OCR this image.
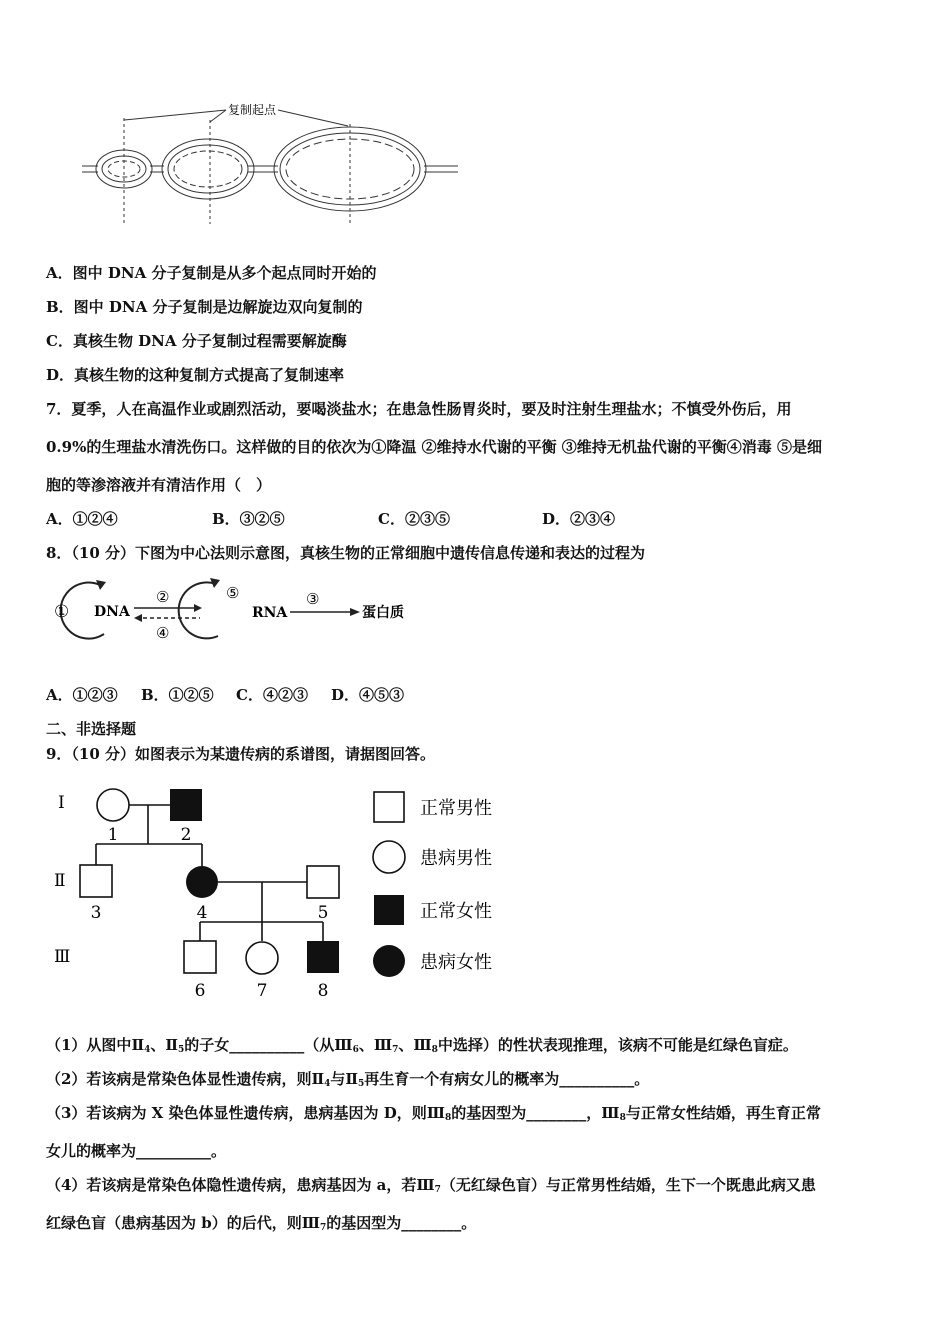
复制起点
A．图中 DNA 分子复制是从多个起点同时开始的
B．图中 DNA 分子复制是边解旋边双向复制的
C．真核生物 DNA 分子复制过程需要解旋酶
D．真核生物的这种复制方式提高了复制速率
7．夏季，人在高温作业或剧烈活动，要喝淡盐水；在患急性肠胃炎时，要及时注射生理盐水；不慎受外伤后，用
0.9%的生理盐水清洗伤口。这样做的目的依次为①降温 ②维持水代谢的平衡 ③维持无机盐代谢的平衡④消毒 ⑤是细
胞的等渗溶液并有清洁作用（　）
A．①②④	B．③②⑤	C．②③⑤	D．②③④
8．（10 分）下图为中心法则示意图，真核生物的正常细胞中遗传信息传递和表达的过程为
① DNA
②
④
⑤
RNA
③
蛋白质
A．①②③ B．①②⑤ C．④②③ D．④⑤③
二、非选择题
9．（10 分）如图表示为某遗传病的系谱图，请据图回答。
Ⅰ
Ⅱ
Ⅲ
1	2
3	4	5
6	7	8
正常男性
患病男性
正常女性
患病女性
（1）从图中$Ⅱ_4$、$Ⅱ_5$的子女__________（从$Ⅲ_6$、$Ⅲ_7$、$Ⅲ_8$中选择）的性状表现推理，该病不可能是红绿色盲症。
（2）若该病是常染色体显性遗传病，则$Ⅱ_4$与$Ⅱ_5$再生育一个有病女儿的概率为__________。
（3）若该病为 X 染色体显性遗传病，患病基因为 D，则$Ⅲ_8$的基因型为________，$Ⅲ_8$与正常女性结婚，再生育正常
女儿的概率为__________。
（4）若该病是常染色体隐性遗传病，患病基因为 a，若$Ⅲ_7$（无红绿色盲）与正常男性结婚，生下一个既患此病又患
红绿色盲（患病基因为 b）的后代，则$Ⅲ_7$的基因型为________。
